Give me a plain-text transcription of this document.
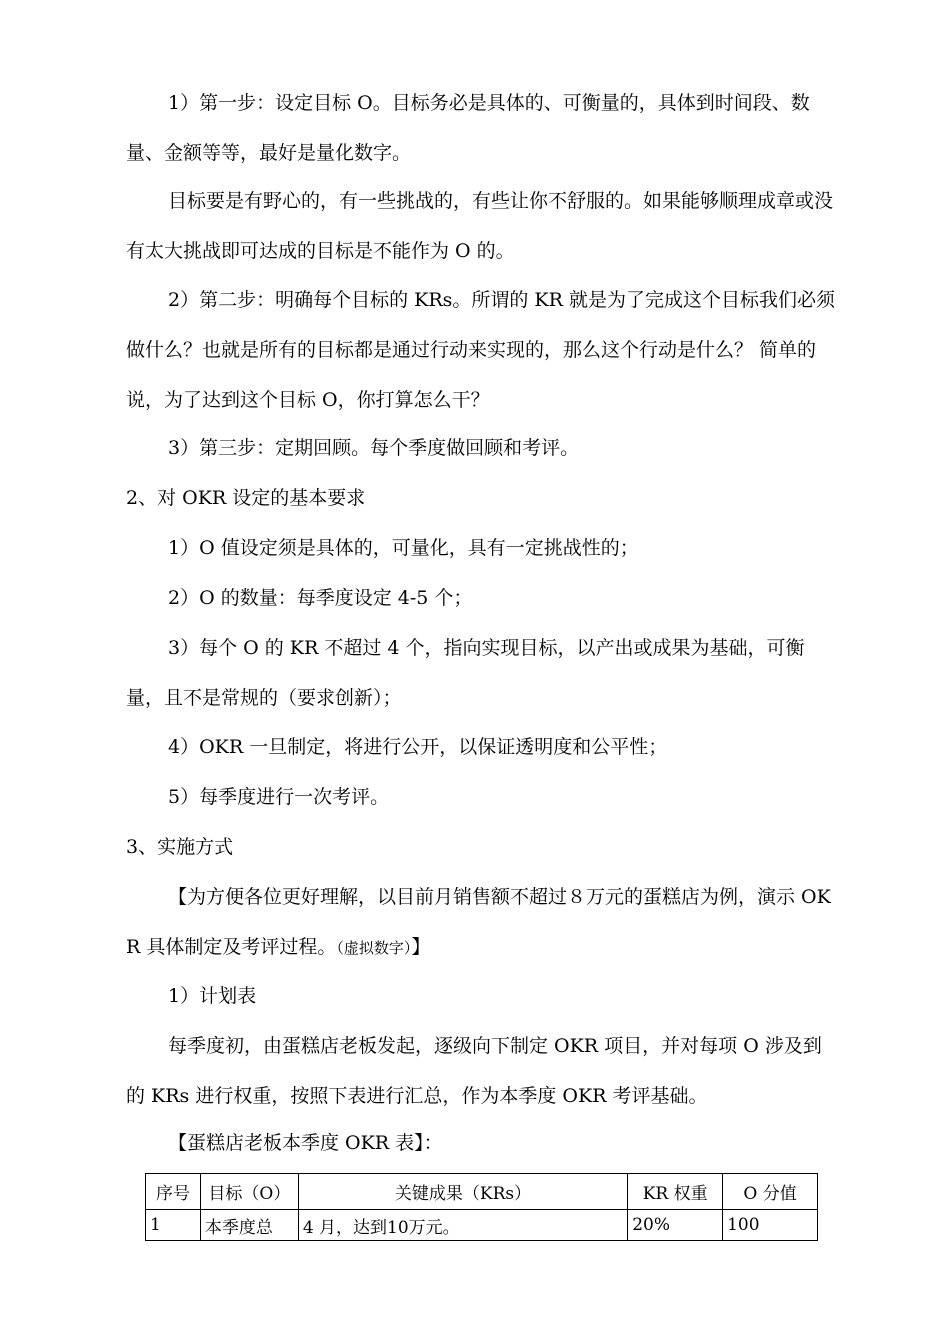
1）第一步：设定目标 O。目标务必是具体的、可衡量的，具体到时间段、数量、金额等等，最好是量化数字。
目标要是有野心的，有一些挑战的，有些让你不舒服的。如果能够顺理成章或没有太大挑战即可达成的目标是不能作为 O 的。
2）第二步：明确每个目标的 KRs。所谓的 KR 就是为了完成这个目标我们必须做什么？也就是所有的目标都是通过行动来实现的，那么这个行动是什么？ 简单的说，为了达到这个目标 O，你打算怎么干？
3）第三步：定期回顾。每个季度做回顾和考评。
2、对 OKR 设定的基本要求
1）O 值设定须是具体的，可量化，具有一定挑战性的；
2）O 的数量：每季度设定 4-5 个；
3）每个 O 的 KR 不超过 4 个，指向实现目标，以产出或成果为基础，可衡量，且不是常规的（要求创新）；
4）OKR 一旦制定，将进行公开，以保证透明度和公平性；
5）每季度进行一次考评。
3、实施方式
【为方便各位更好理解，以目前月销售额不超过８万元的蛋糕店为例，演示 OKR 具体制定及考评过程。（虚拟数字）】
1）计划表
每季度初，由蛋糕店老板发起，逐级向下制定 OKR 项目，并对每项 O 涉及到的 KRs 进行权重，按照下表进行汇总，作为本季度 OKR 考评基础。
【蛋糕店老板本季度 OKR 表】：
序号	目标（O）	关键成果（KRs）	KR 权重	O 分值
1	本季度总	4 月，达到10万元。	20%	100
